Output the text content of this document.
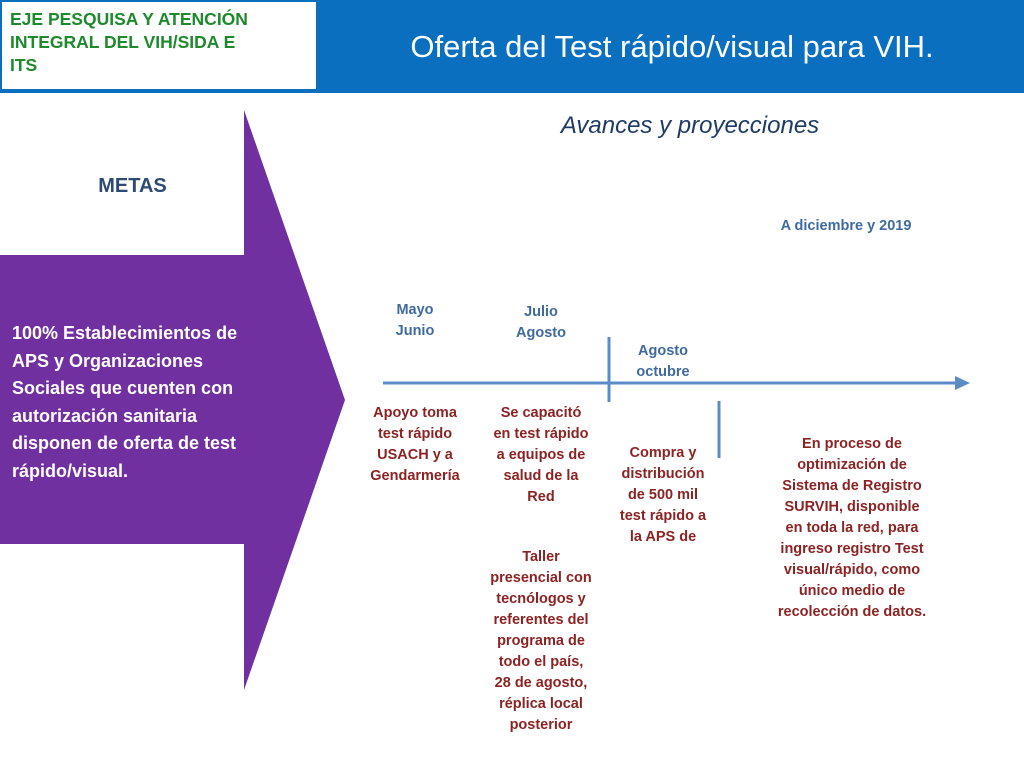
EJE PESQUISA Y ATENCIÓN
INTEGRAL DEL VIH/SIDA E
ITS
Oferta del Test rápido/visual para VIH.
Avances y proyecciones
METAS
100% Establecimientos de
APS y Organizaciones
Sociales que cuenten con
autorización sanitaria
disponen de oferta de test
rápido/visual.
Mayo
Junio
Julio
Agosto
Agosto
octubre
A diciembre y 2019
Apoyo toma
test rápido
USACH y a
Gendarmería
Se capacitó
en test rápido
a equipos de
salud de la
Red
Taller
presencial con
tecnólogos y
referentes del
programa de
todo el país,
28 de agosto,
réplica local
posterior
Compra y
distribución
de 500 mil
test rápido a
la APS de
En proceso de
optimización de
Sistema de Registro
SURVIH, disponible
en toda la red, para
ingreso registro Test
visual/rápido, como
único medio de
recolección de datos.
